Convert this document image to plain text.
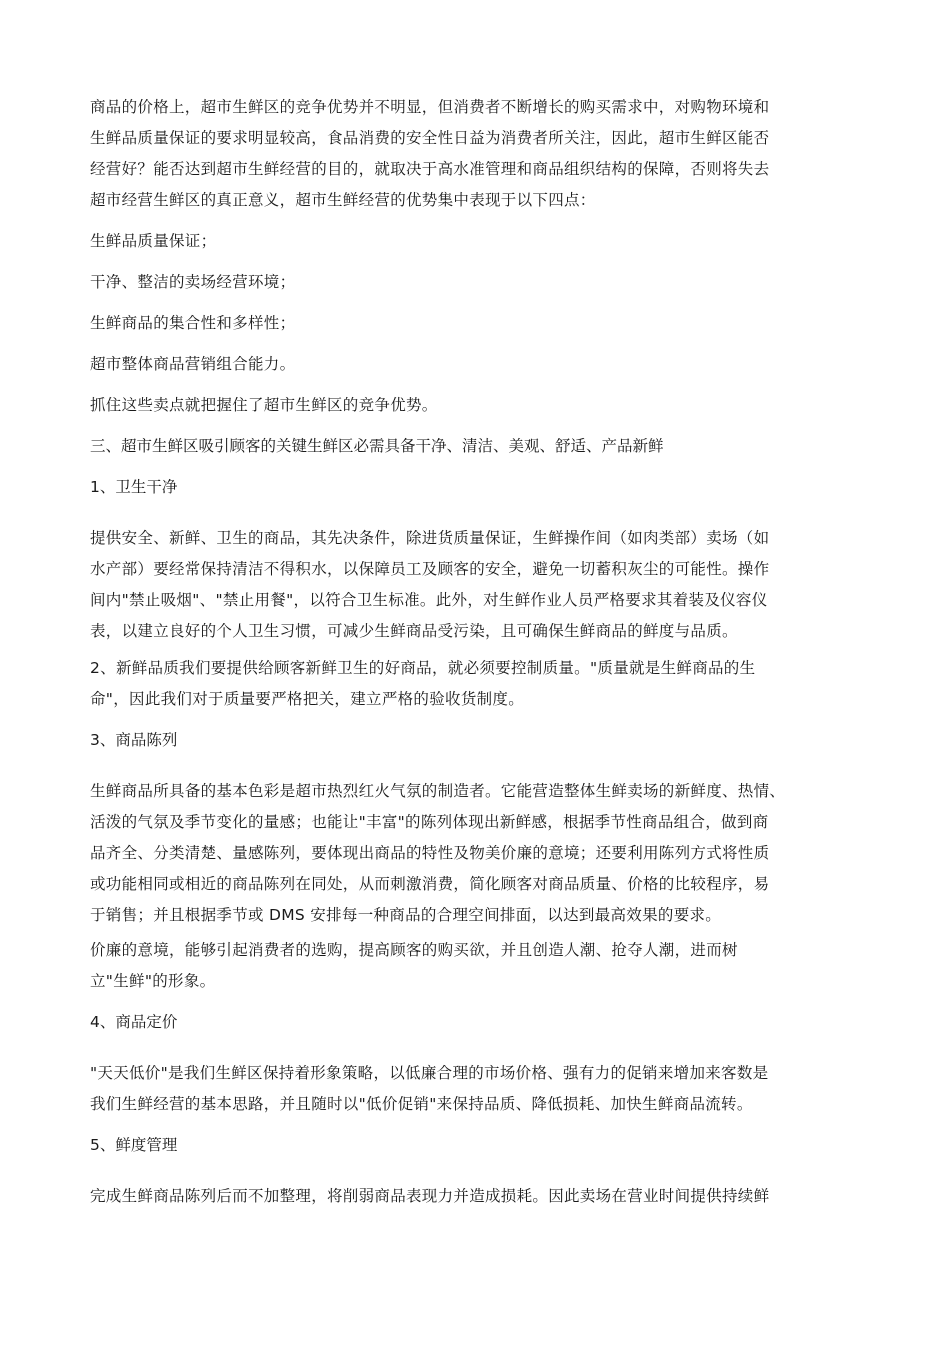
商品的价格上，超市生鲜区的竞争优势并不明显，但消费者不断增长的购买需求中，对购物环境和

生鲜品质量保证的要求明显较高，食品消费的安全性日益为消费者所关注，因此，超市生鲜区能否

经营好？能否达到超市生鲜经营的目的，就取决于高水准管理和商品组织结构的保障，否则将失去

超市经营生鲜区的真正意义，超市生鲜经营的优势集中表现于以下四点：

生鲜品质量保证；

干净、整洁的卖场经营环境；

生鲜商品的集合性和多样性；

超市整体商品营销组合能力。

抓住这些卖点就把握住了超市生鲜区的竞争优势。

三、超市生鲜区吸引顾客的关键生鲜区必需具备干净、清洁、美观、舒适、产品新鲜

1、卫生干净

提供安全、新鲜、卫生的商品，其先决条件，除进货质量保证，生鲜操作间（如肉类部）卖场（如

水产部）要经常保持清洁不得积水，以保障员工及顾客的安全，避免一切蓄积灰尘的可能性。操作

间内"禁止吸烟"、"禁止用餐"，以符合卫生标准。此外，对生鲜作业人员严格要求其着装及仪容仪

表，以建立良好的个人卫生习惯，可减少生鲜商品受污染，且可确保生鲜商品的鲜度与品质。

2、新鲜品质我们要提供给顾客新鲜卫生的好商品，就必须要控制质量。"质量就是生鲜商品的生

命"，因此我们对于质量要严格把关，建立严格的验收货制度。

3、商品陈列

生鲜商品所具备的基本色彩是超市热烈红火气氛的制造者。它能营造整体生鲜卖场的新鲜度、热情、

活泼的气氛及季节变化的量感；也能让"丰富"的陈列体现出新鲜感，根据季节性商品组合，做到商

品齐全、分类清楚、量感陈列，要体现出商品的特性及物美价廉的意境；还要利用陈列方式将性质

或功能相同或相近的商品陈列在同处，从而刺激消费，简化顾客对商品质量、价格的比较程序，易

于销售；并且根据季节或 DMS 安排每一种商品的合理空间排面，以达到最高效果的要求。

价廉的意境，能够引起消费者的选购，提高顾客的购买欲，并且创造人潮、抢夺人潮，进而树

立"生鲜"的形象。

4、商品定价

"天天低价"是我们生鲜区保持着形象策略，以低廉合理的市场价格、强有力的促销来增加来客数是

我们生鲜经营的基本思路，并且随时以"低价促销"来保持品质、降低损耗、加快生鲜商品流转。

5、鲜度管理

完成生鲜商品陈列后而不加整理，将削弱商品表现力并造成损耗。因此卖场在营业时间提供持续鲜
